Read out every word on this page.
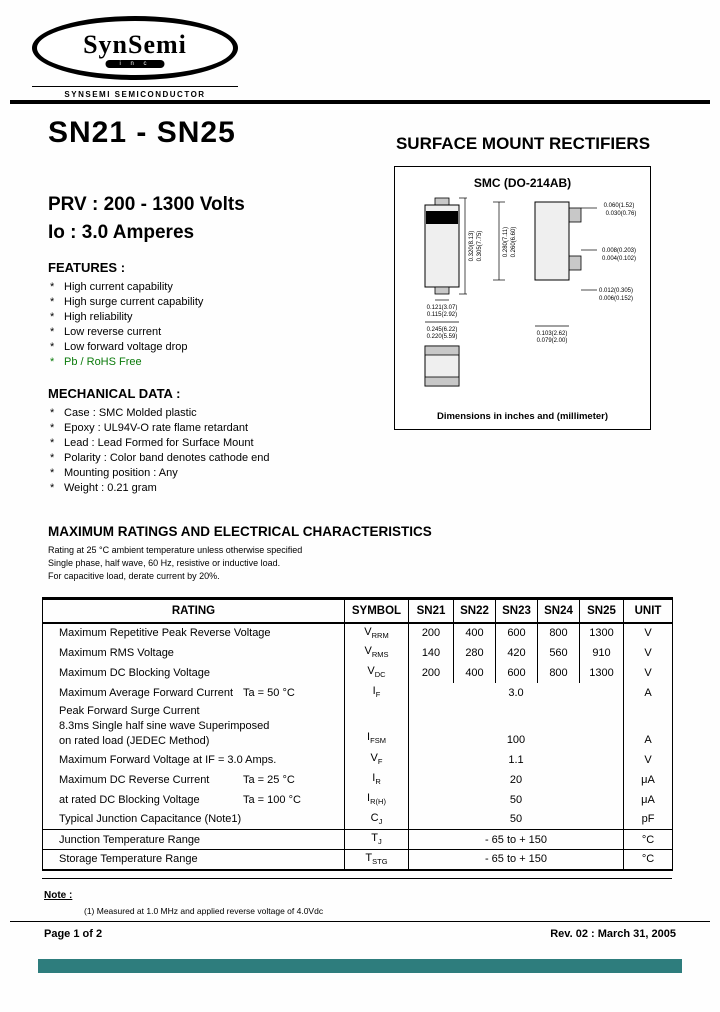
SynSemi
i n c
SYNSEMI SEMICONDUCTOR
SN21 - SN25	SURFACE MOUNT RECTIFIERS
PRV : 200 - 1300 Volts
Io : 3.0 Amperes
FEATURES :
* High current capability
* High surge current capability
* High reliability
* Low reverse current
* Low forward voltage drop
* Pb / RoHS Free
MECHANICAL DATA :
* Case : SMC Molded plastic
* Epoxy : UL94V-O rate flame retardant
* Lead : Lead Formed for Surface Mount
* Polarity : Color band denotes cathode end
* Mounting position : Any
* Weight : 0.21 gram
SMC (DO-214AB)
0.320(8.13) 0.305(7.75)
0.121(3.07)
0.115(2.92)
0.245(6.22)
0.220(5.59)
0.280(7.11) 0.260(6.60)
0.060(1.52)
0.030(0.76)
0.008(0.203)
0.004(0.102)
0.012(0.305)
0.006(0.152)
0.103(2.62)
0.079(2.00)
Dimensions in inches and (millimeter)
MAXIMUM RATINGS AND ELECTRICAL CHARACTERISTICS
Rating at 25 °C ambient temperature unless otherwise specified
Single phase, half wave, 60 Hz, resistive or inductive load.
For capacitive load, derate current by 20%.
RATING	SYMBOL	SN21	SN22	SN23	SN24	SN25	UNIT
Maximum Repetitive Peak Reverse Voltage	$V_{RRM}$	200	400	600	800	1300	V
Maximum RMS Voltage	$V_{RMS}$	140	280	420	560	910	V
Maximum DC Blocking Voltage	$V_{DC}$	200	400	600	800	1300	V
Maximum Average Forward Current Ta = 50 °C	$I_F$	3.0					A

Peak Forward Surge Current
8.3ms Single half sine wave Superimposed
on rated load (JEDEC Method)	$I_{FSM}$	100					A
Maximum Forward Voltage at IF = 3.0 Amps.	$V_F$	1.1					V
Maximum DC Reverse Current Ta = 25 °C	$I_R$	20					μA
at rated DC Blocking Voltage Ta = 100 °C	$I_{R(H)}$	50					μA
Typical Junction Capacitance (Note1)	$C_J$	50					pF
Junction Temperature Range	$T_J$	- 65 to + 150					°C
Storage Temperature Range	$T_{STG}$	- 65 to + 150					°C
Note :
(1) Measured at 1.0 MHz and applied reverse voltage of 4.0Vdc
Page 1 of 2	Rev. 02 : March 31, 2005
